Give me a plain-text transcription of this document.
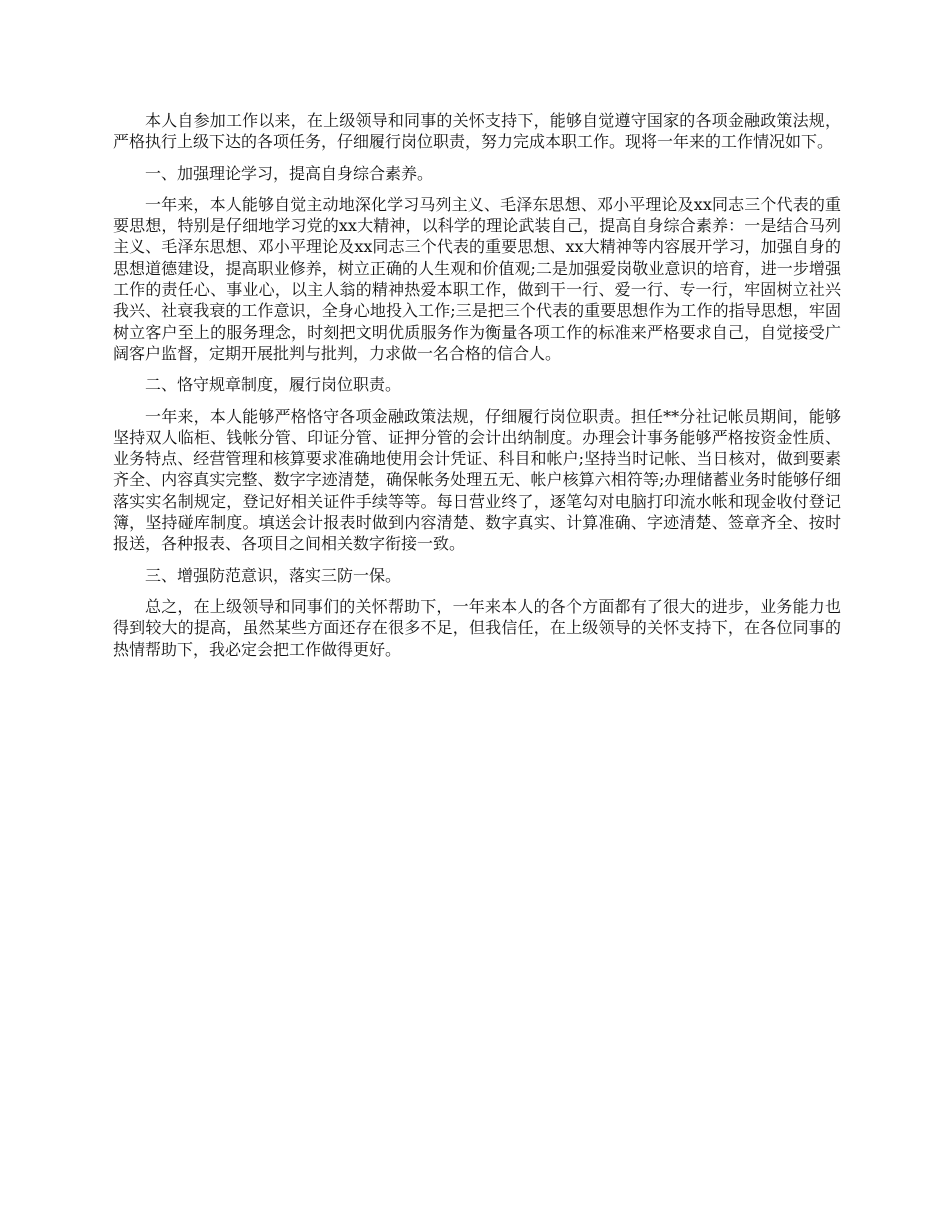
本人自参加工作以来，在上级领导和同事的关怀支持下，能够自觉遵守国家的各项金融政策法规，严格执行上级下达的各项任务，仔细履行岗位职责，努力完成本职工作。现将一年来的工作情况如下。

一、加强理论学习，提高自身综合素养。

一年来，本人能够自觉主动地深化学习马列主义、毛泽东思想、邓小平理论及xx同志三个代表的重要思想，特别是仔细地学习党的xx大精神，以科学的理论武装自己，提高自身综合素养：一是结合马列主义、毛泽东思想、邓小平理论及xx同志三个代表的重要思想、xx大精神等内容展开学习，加强自身的思想道德建设，提高职业修养，树立正确的人生观和价值观;二是加强爱岗敬业意识的培育，进一步增强工作的责任心、事业心，以主人翁的精神热爱本职工作，做到干一行、爱一行、专一行，牢固树立社兴我兴、社衰我衰的工作意识，全身心地投入工作;三是把三个代表的重要思想作为工作的指导思想，牢固树立客户至上的服务理念，时刻把文明优质服务作为衡量各项工作的标准来严格要求自己，自觉接受广阔客户监督，定期开展批判与批判，力求做一名合格的信合人。

二、恪守规章制度，履行岗位职责。

一年来，本人能够严格恪守各项金融政策法规，仔细履行岗位职责。担任**分社记帐员期间，能够坚持双人临柜、钱帐分管、印证分管、证押分管的会计出纳制度。办理会计事务能够严格按资金性质、业务特点、经营管理和核算要求准确地使用会计凭证、科目和帐户;坚持当时记帐、当日核对，做到要素齐全、内容真实完整、数字字迹清楚，确保帐务处理五无、帐户核算六相符等;办理储蓄业务时能够仔细落实实名制规定，登记好相关证件手续等等。每日营业终了，逐笔勾对电脑打印流水帐和现金收付登记簿，坚持碰库制度。填送会计报表时做到内容清楚、数字真实、计算准确、字迹清楚、签章齐全、按时报送，各种报表、各项目之间相关数字衔接一致。

三、增强防范意识，落实三防一保。

总之，在上级领导和同事们的关怀帮助下，一年来本人的各个方面都有了很大的进步，业务能力也得到较大的提高，虽然某些方面还存在很多不足，但我信任，在上级领导的关怀支持下，在各位同事的热情帮助下，我必定会把工作做得更好。
